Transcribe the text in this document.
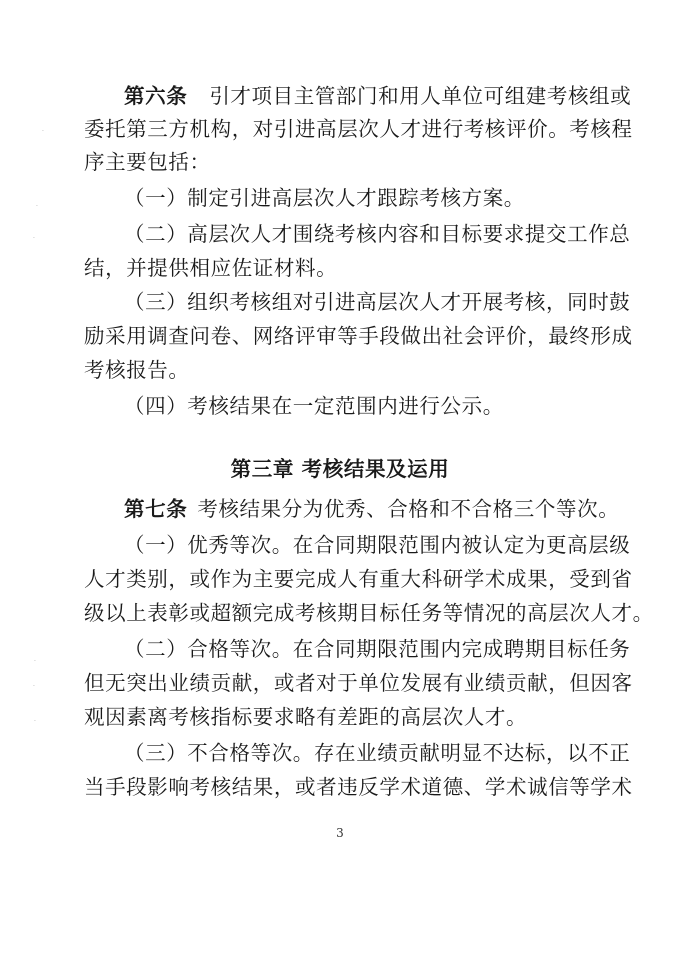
第六条 引才项目主管部门和用人单位可组建考核组或
委托第三方机构，对引进高层次人才进行考核评价。考核程
序主要包括：
（一）制定引进高层次人才跟踪考核方案。
（二）高层次人才围绕考核内容和目标要求提交工作总
结，并提供相应佐证材料。
（三）组织考核组对引进高层次人才开展考核，同时鼓
励采用调查问卷、网络评审等手段做出社会评价，最终形成
考核报告。
（四）考核结果在一定范围内进行公示。
第三章 考核结果及运用
第七条 考核结果分为优秀、合格和不合格三个等次。
（一）优秀等次。在合同期限范围内被认定为更高层级
人才类别，或作为主要完成人有重大科研学术成果，受到省
级以上表彰或超额完成考核期目标任务等情况的高层次人才。
（二）合格等次。在合同期限范围内完成聘期目标任务
但无突出业绩贡献，或者对于单位发展有业绩贡献，但因客
观因素离考核指标要求略有差距的高层次人才。
（三）不合格等次。存在业绩贡献明显不达标，以不正
当手段影响考核结果，或者违反学术道德、学术诚信等学术
3
·
·
·
·
·
·
